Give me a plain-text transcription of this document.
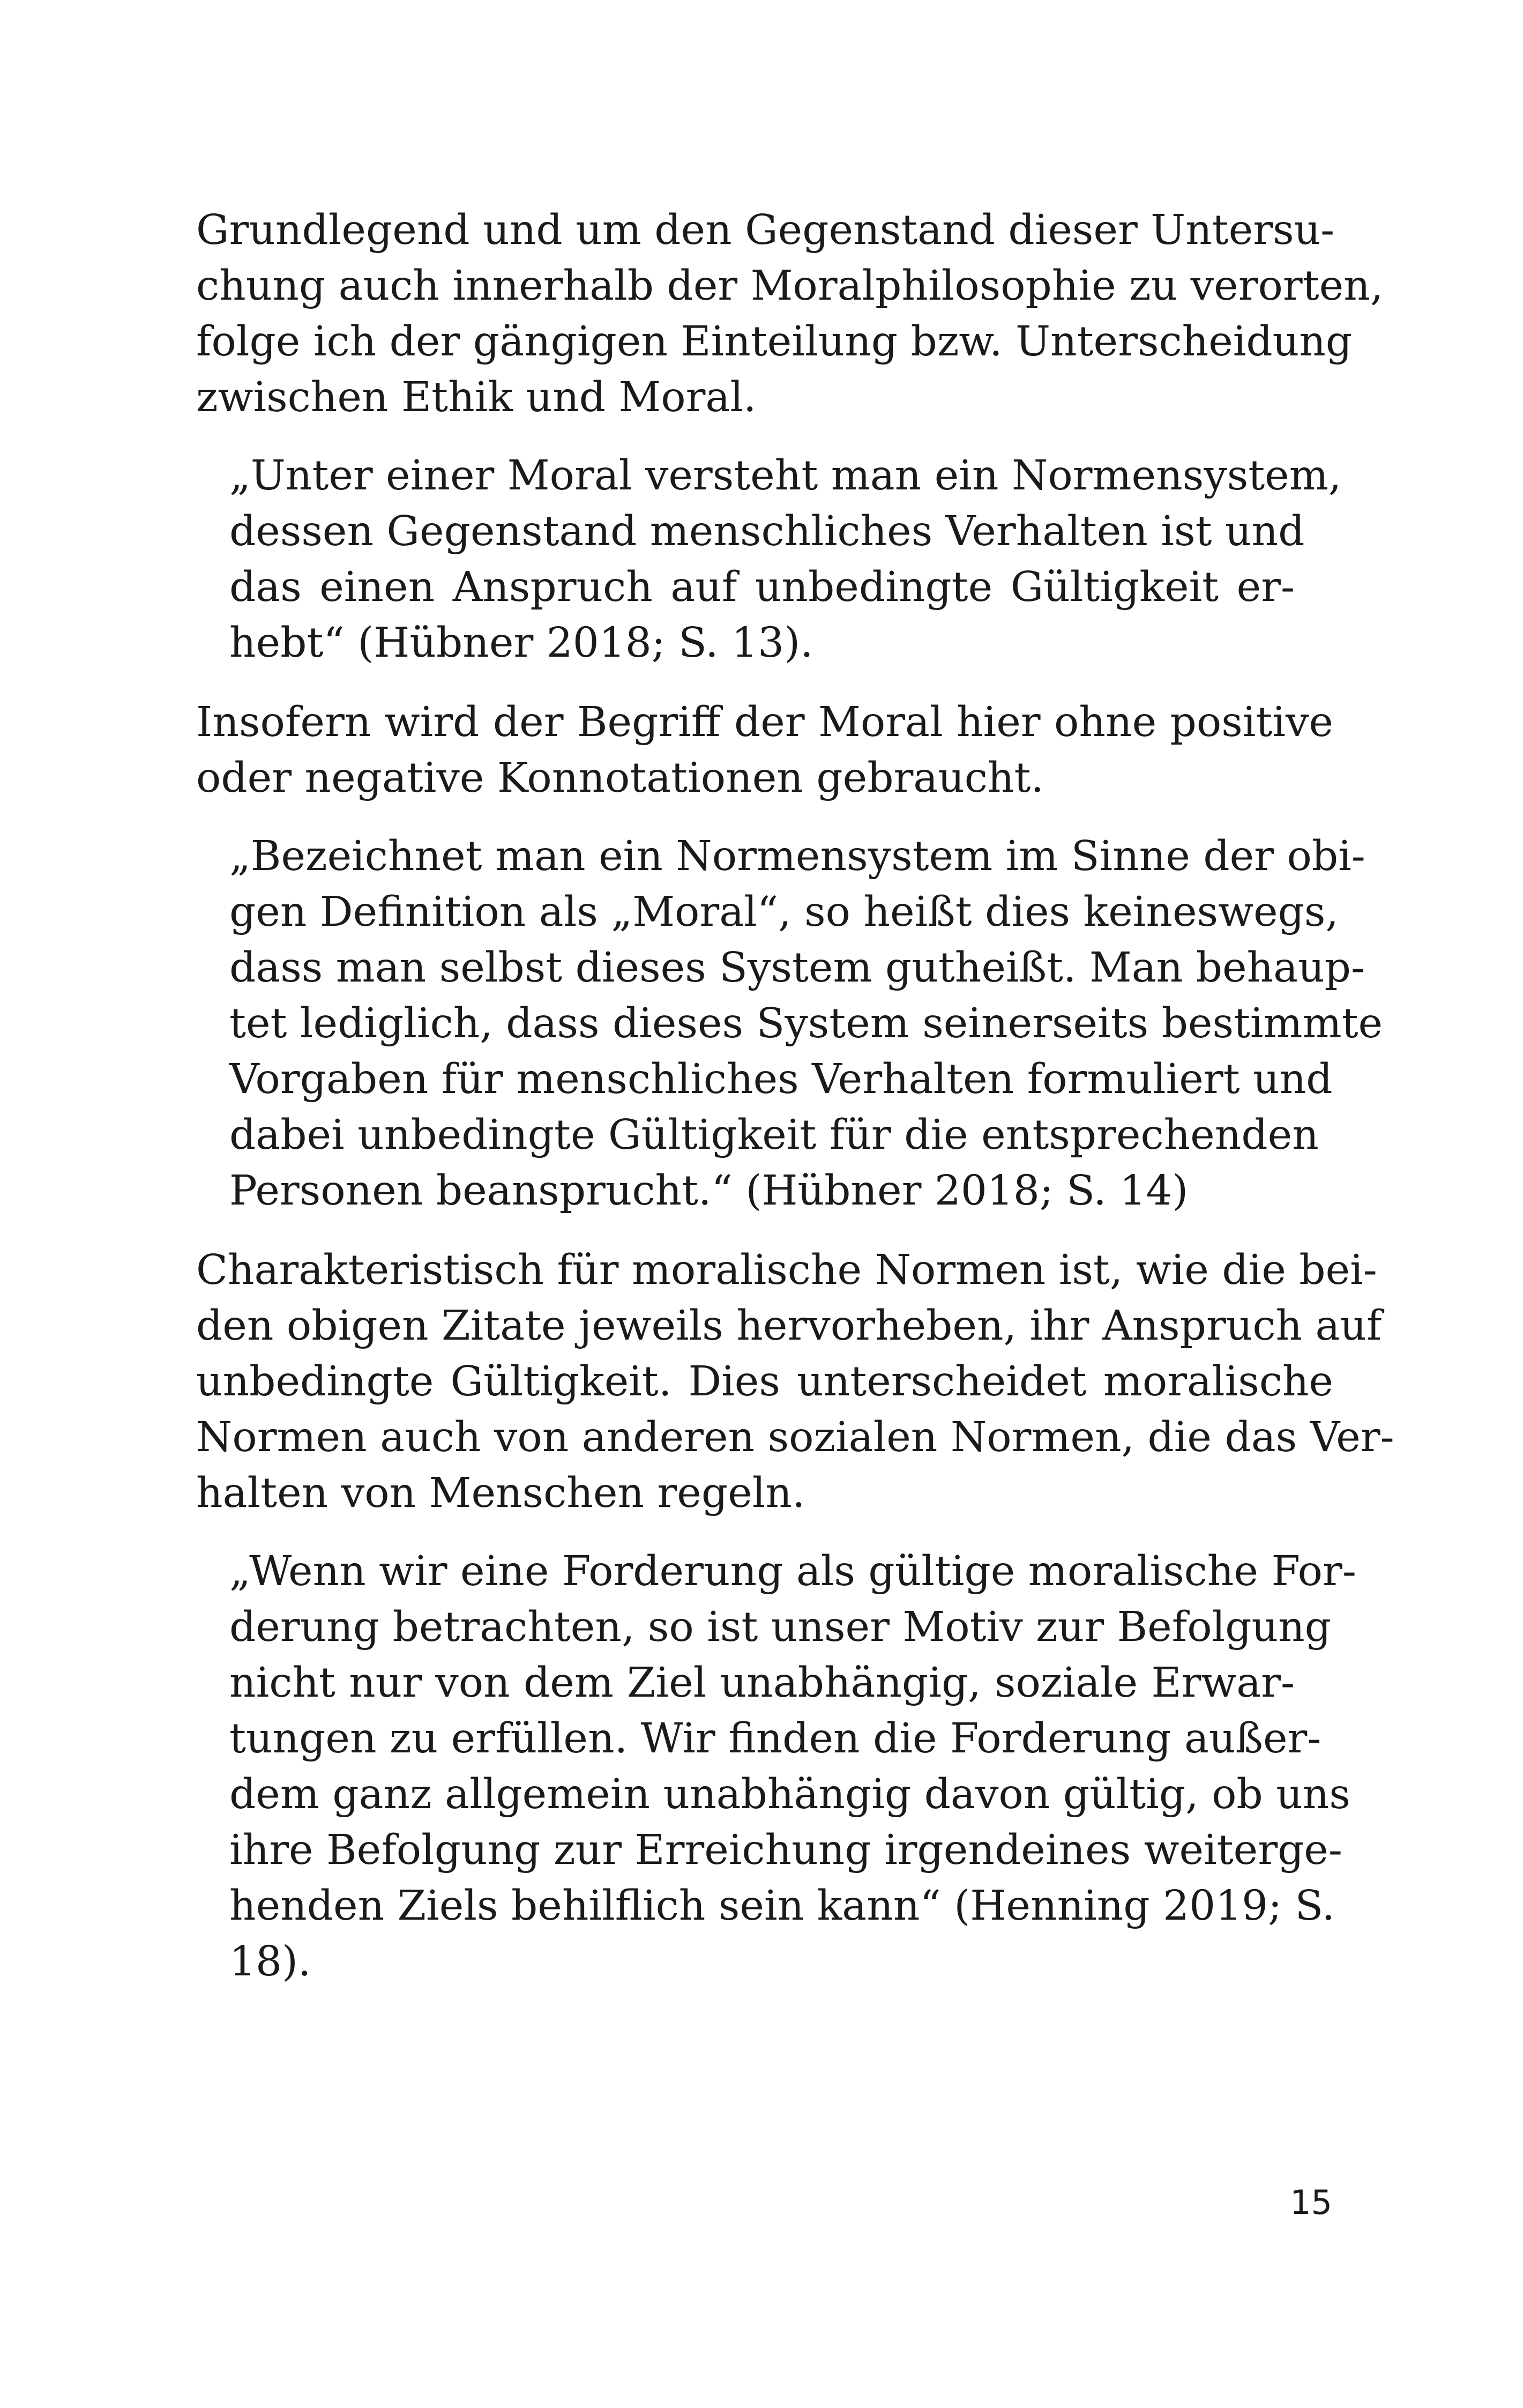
Grundlegend und um den Gegenstand dieser Untersu-
chung auch innerhalb der Moralphilosophie zu verorten,
folge ich der gängigen Einteilung bzw. Unterscheidung
zwischen Ethik und Moral.

„Unter einer Moral versteht man ein Normensystem,
dessen Gegenstand menschliches Verhalten ist und
das einen Anspruch auf unbedingte Gültigkeit er-
hebt“ (Hübner 2018; S. 13).

Insofern wird der Begriff der Moral hier ohne positive
oder negative Konnotationen gebraucht.

„Bezeichnet man ein Normensystem im Sinne der obi-
gen Definition als „Moral“, so heißt dies keineswegs,
dass man selbst dieses System gutheißt. Man behaup-
tet lediglich, dass dieses System seinerseits bestimmte
Vorgaben für menschliches Verhalten formuliert und
dabei unbedingte Gültigkeit für die entsprechenden
Personen beansprucht.“ (Hübner 2018; S. 14)

Charakteristisch für moralische Normen ist, wie die bei-
den obigen Zitate jeweils hervorheben, ihr Anspruch auf
unbedingte Gültigkeit. Dies unterscheidet moralische
Normen auch von anderen sozialen Normen, die das Ver-
halten von Menschen regeln.

„Wenn wir eine Forderung als gültige moralische For-
derung betrachten, so ist unser Motiv zur Befolgung
nicht nur von dem Ziel unabhängig, soziale Erwar-
tungen zu erfüllen. Wir finden die Forderung außer-
dem ganz allgemein unabhängig davon gültig, ob uns
ihre Befolgung zur Erreichung irgendeines weiterge-
henden Ziels behilflich sein kann“ (Henning 2019; S.
18).

15
